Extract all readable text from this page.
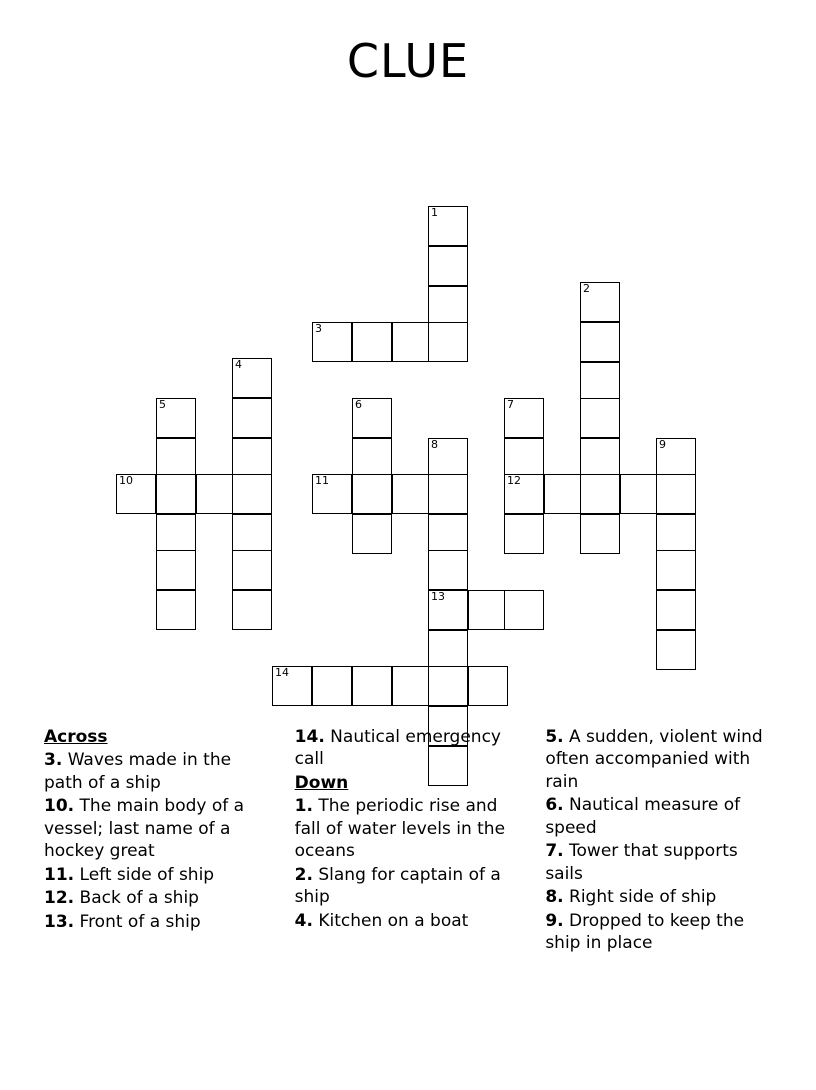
CLUE
1
2
3
4
5	6	7
8	9
10	11	12
13
14
Across

3. Waves made in the path of a ship

10. The main body of a vessel; last name of a hockey great

11. Left side of ship

12. Back of a ship

13. Front of a ship

14. Nautical emergency call

Down

1. The periodic rise and fall of water levels in the oceans

2. Slang for captain of a ship

4. Kitchen on a boat

5. A sudden, violent wind often accompanied with rain

6. Nautical measure of speed

7. Tower that supports sails

8. Right side of ship

9. Dropped to keep the ship in place
